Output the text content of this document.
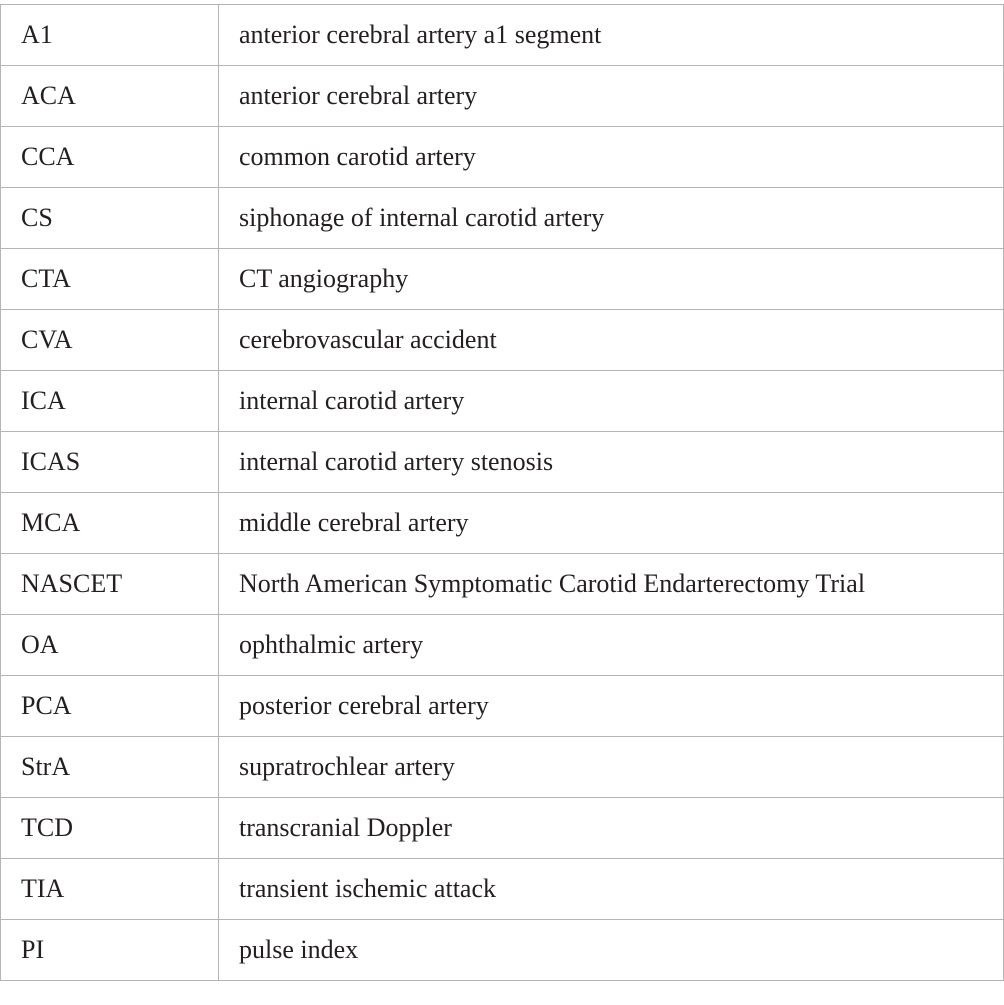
A1	anterior cerebral artery a1 segment
ACA	anterior cerebral artery
CCA	common carotid artery
CS	siphonage of internal carotid artery
CTA	CT angiography
CVA	cerebrovascular accident
ICA	internal carotid artery
ICAS	internal carotid artery stenosis
MCA	middle cerebral artery
NASCET	North American Symptomatic Carotid Endarterectomy Trial
OA	ophthalmic artery
PCA	posterior cerebral artery
StrA	supratrochlear artery
TCD	transcranial Doppler
TIA	transient ischemic attack
PI	pulse index
